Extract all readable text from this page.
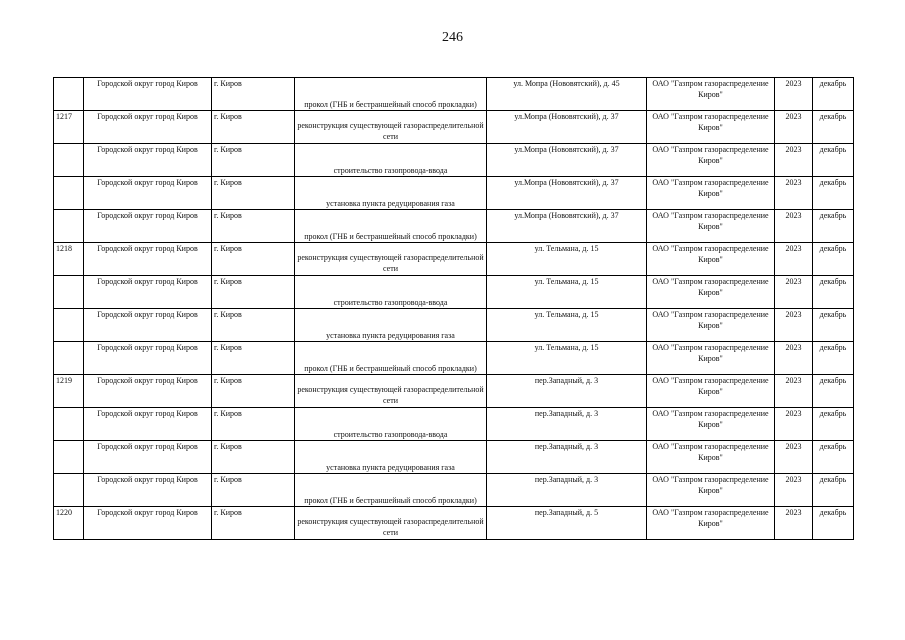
246
	Городской округ город Киров	г. Киров	прокол (ГНБ и бестраншейный способ прокладки)	ул. Мопра (Нововятский), д. 45	ОАО "Газпром газораспределение Киров"	2023	декабрь
1217	Городской округ город Киров	г. Киров	реконструкция существующей газораспределительной сети	ул.Мопра (Нововятский), д. 37	ОАО "Газпром газораспределение Киров"	2023	декабрь
	Городской округ город Киров	г. Киров	строительство газопровода-ввода	ул.Мопра (Нововятский), д. 37	ОАО "Газпром газораспределение Киров"	2023	декабрь
	Городской округ город Киров	г. Киров	установка пункта редуцирования газа	ул.Мопра (Нововятский), д. 37	ОАО "Газпром газораспределение Киров"	2023	декабрь
	Городской округ город Киров	г. Киров	прокол (ГНБ и бестраншейный способ прокладки)	ул.Мопра (Нововятский), д. 37	ОАО "Газпром газораспределение Киров"	2023	декабрь
1218	Городской округ город Киров	г. Киров	реконструкция существующей газораспределительной сети	ул. Тельмана, д. 15	ОАО "Газпром газораспределение Киров"	2023	декабрь
	Городской округ город Киров	г. Киров	строительство газопровода-ввода	ул. Тельмана, д. 15	ОАО "Газпром газораспределение Киров"	2023	декабрь
	Городской округ город Киров	г. Киров	установка пункта редуцирования газа	ул. Тельмана, д. 15	ОАО "Газпром газораспределение Киров"	2023	декабрь
	Городской округ город Киров	г. Киров	прокол (ГНБ и бестраншейный способ прокладки)	ул. Тельмана, д. 15	ОАО "Газпром газораспределение Киров"	2023	декабрь
1219	Городской округ город Киров	г. Киров	реконструкция существующей газораспределительной сети	пер.Западный, д. 3	ОАО "Газпром газораспределение Киров"	2023	декабрь
	Городской округ город Киров	г. Киров	строительство газопровода-ввода	пер.Западный, д. 3	ОАО "Газпром газораспределение Киров"	2023	декабрь
	Городской округ город Киров	г. Киров	установка пункта редуцирования газа	пер.Западный, д. 3	ОАО "Газпром газораспределение Киров"	2023	декабрь
	Городской округ город Киров	г. Киров	прокол (ГНБ и бестраншейный способ прокладки)	пер.Западный, д. 3	ОАО "Газпром газораспределение Киров"	2023	декабрь
1220	Городской округ город Киров	г. Киров	реконструкция существующей газораспределительной сети	пер.Западный, д. 5	ОАО "Газпром газораспределение Киров"	2023	декабрь
